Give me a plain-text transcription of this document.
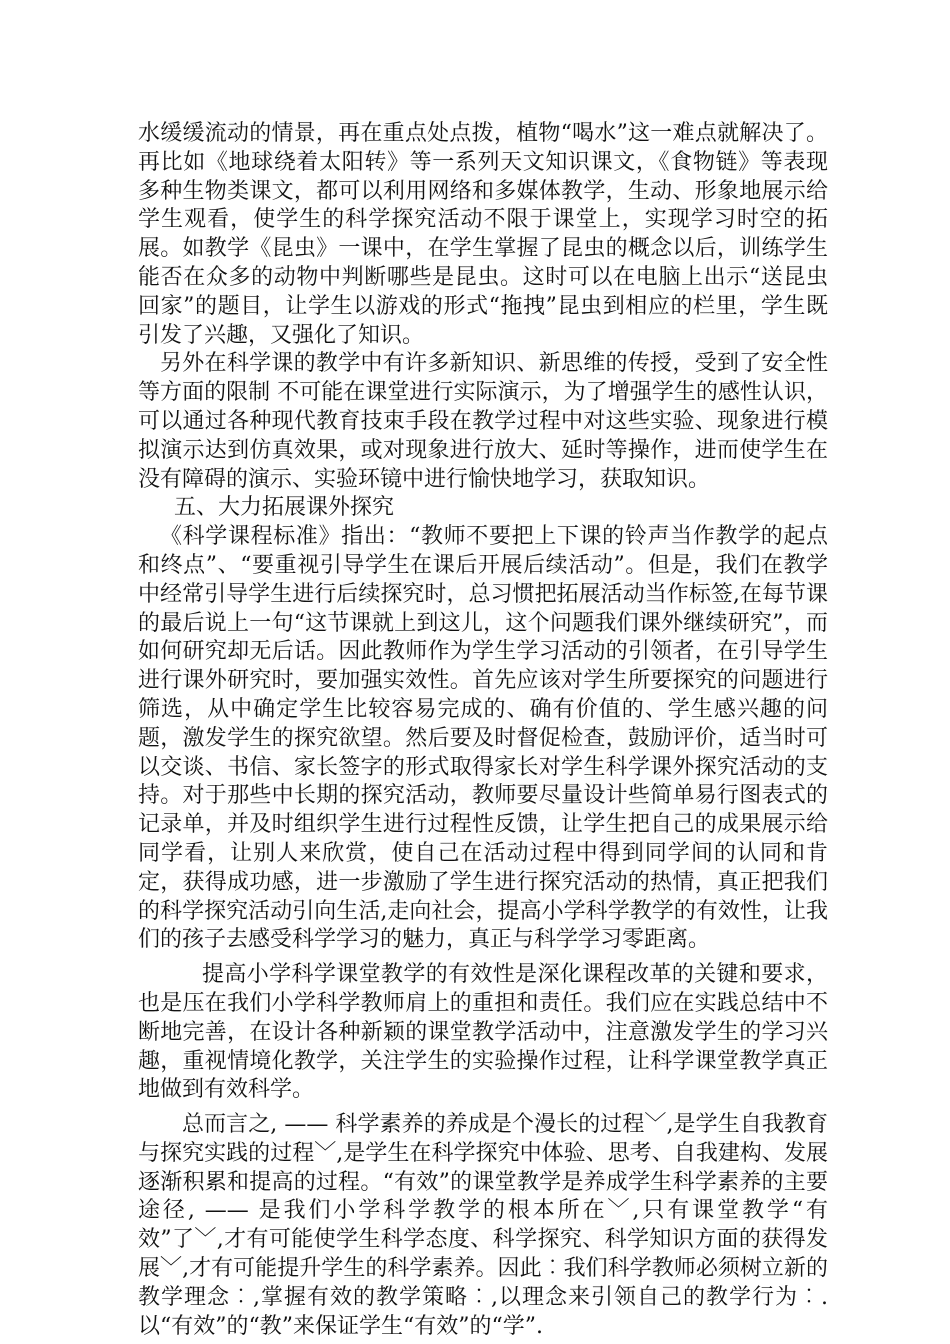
水缓缓流动的情景，再在重点处点拨，植物“喝水”这一难点就解决了。再比如《地球绕着太阳转》等一系列天文知识课文，《食物链》等表现多种生物类课文，都可以利用网络和多媒体教学，生动、形象地展示给学生观看，使学生的科学探究活动不限于课堂上，实现学习时空的拓展。如教学《昆虫》一课中，在学生掌握了昆虫的概念以后，训练学生能否在众多的动物中判断哪些是昆虫。这时可以在电脑上出示“送昆虫回家”的题目，让学生以游戏的形式“拖拽”昆虫到相应的栏里，学生既引发了兴趣，又强化了知识。

另外在科学课的教学中有许多新知识、新思维的传授，受到了安全性等方面的限制 不可能在课堂进行实际演示，为了增强学生的感性认识，可以通过各种现代教育技束手段在教学过程中对这些实验、现象进行模拟演示达到仿真效果，或对现象进行放大、延时等操作，进而使学生在没有障碍的演示、实验环镜中进行愉快地学习，获取知识。

五、大力拓展课外探究

《科学课程标准》指出：“教师不要把上下课的铃声当作教学的起点和终点”、“要重视引导学生在课后开展后续活动”。但是，我们在教学中经常引导学生进行后续探究时，总习惯把拓展活动当作标签,在每节课的最后说上一句“这节课就上到这儿，这个问题我们课外继续研究”，而如何研究却无后话。因此教师作为学生学习活动的引领者，在引导学生进行课外研究时，要加强实效性。首先应该对学生所要探究的问题进行筛选，从中确定学生比较容易完成的、确有价值的、学生感兴趣的问题，激发学生的探究欲望。然后要及时督促检查，鼓励评价，适当时可以交谈、书信、家长签字的形式取得家长对学生科学课外探究活动的支持。对于那些中长期的探究活动，教师要尽量设计些简单易行图表式的记录单，并及时组织学生进行过程性反馈，让学生把自己的成果展示给同学看，让别人来欣赏，使自己在活动过程中得到同学间的认同和肯定，获得成功感，进一步激励了学生进行探究活动的热情，真正把我们的科学探究活动引向生活,走向社会，提高小学科学教学的有效性，让我们的孩子去感受科学学习的魅力，真正与科学学习零距离。

提高小学科学课堂教学的有效性是深化课程改革的关键和要求，也是压在我们小学科学教师肩上的重担和责任。我们应在实践总结中不断地完善，在设计各种新颖的课堂教学活动中，注意激发学生的学习兴趣，重视情境化教学，关注学生的实验操作过程，让科学课堂教学真正地做到有效科学。

总而言之, —— 科学素养的养成是个漫长的过程﹀,是学生自我教育与探究实践的过程﹀,是学生在科学探究中体验、思考、自我建构、发展逐渐积累和提高的过程。“有效”的课堂教学是养成学生科学素养的主要途径, —— 是我们小学科学教学的根本所在﹀,只有课堂教学“有效”了﹀,才有可能使学生科学态度、科学探究、科学知识方面的获得发展﹀,才有可能提升学生的科学素养。因此︰我们科学教师必须树立新的教学理念︰,掌握有效的教学策略︰,以理念来引领自己的教学行为︰.以“有效”的“教”来保证学生“有效”的“学”.
